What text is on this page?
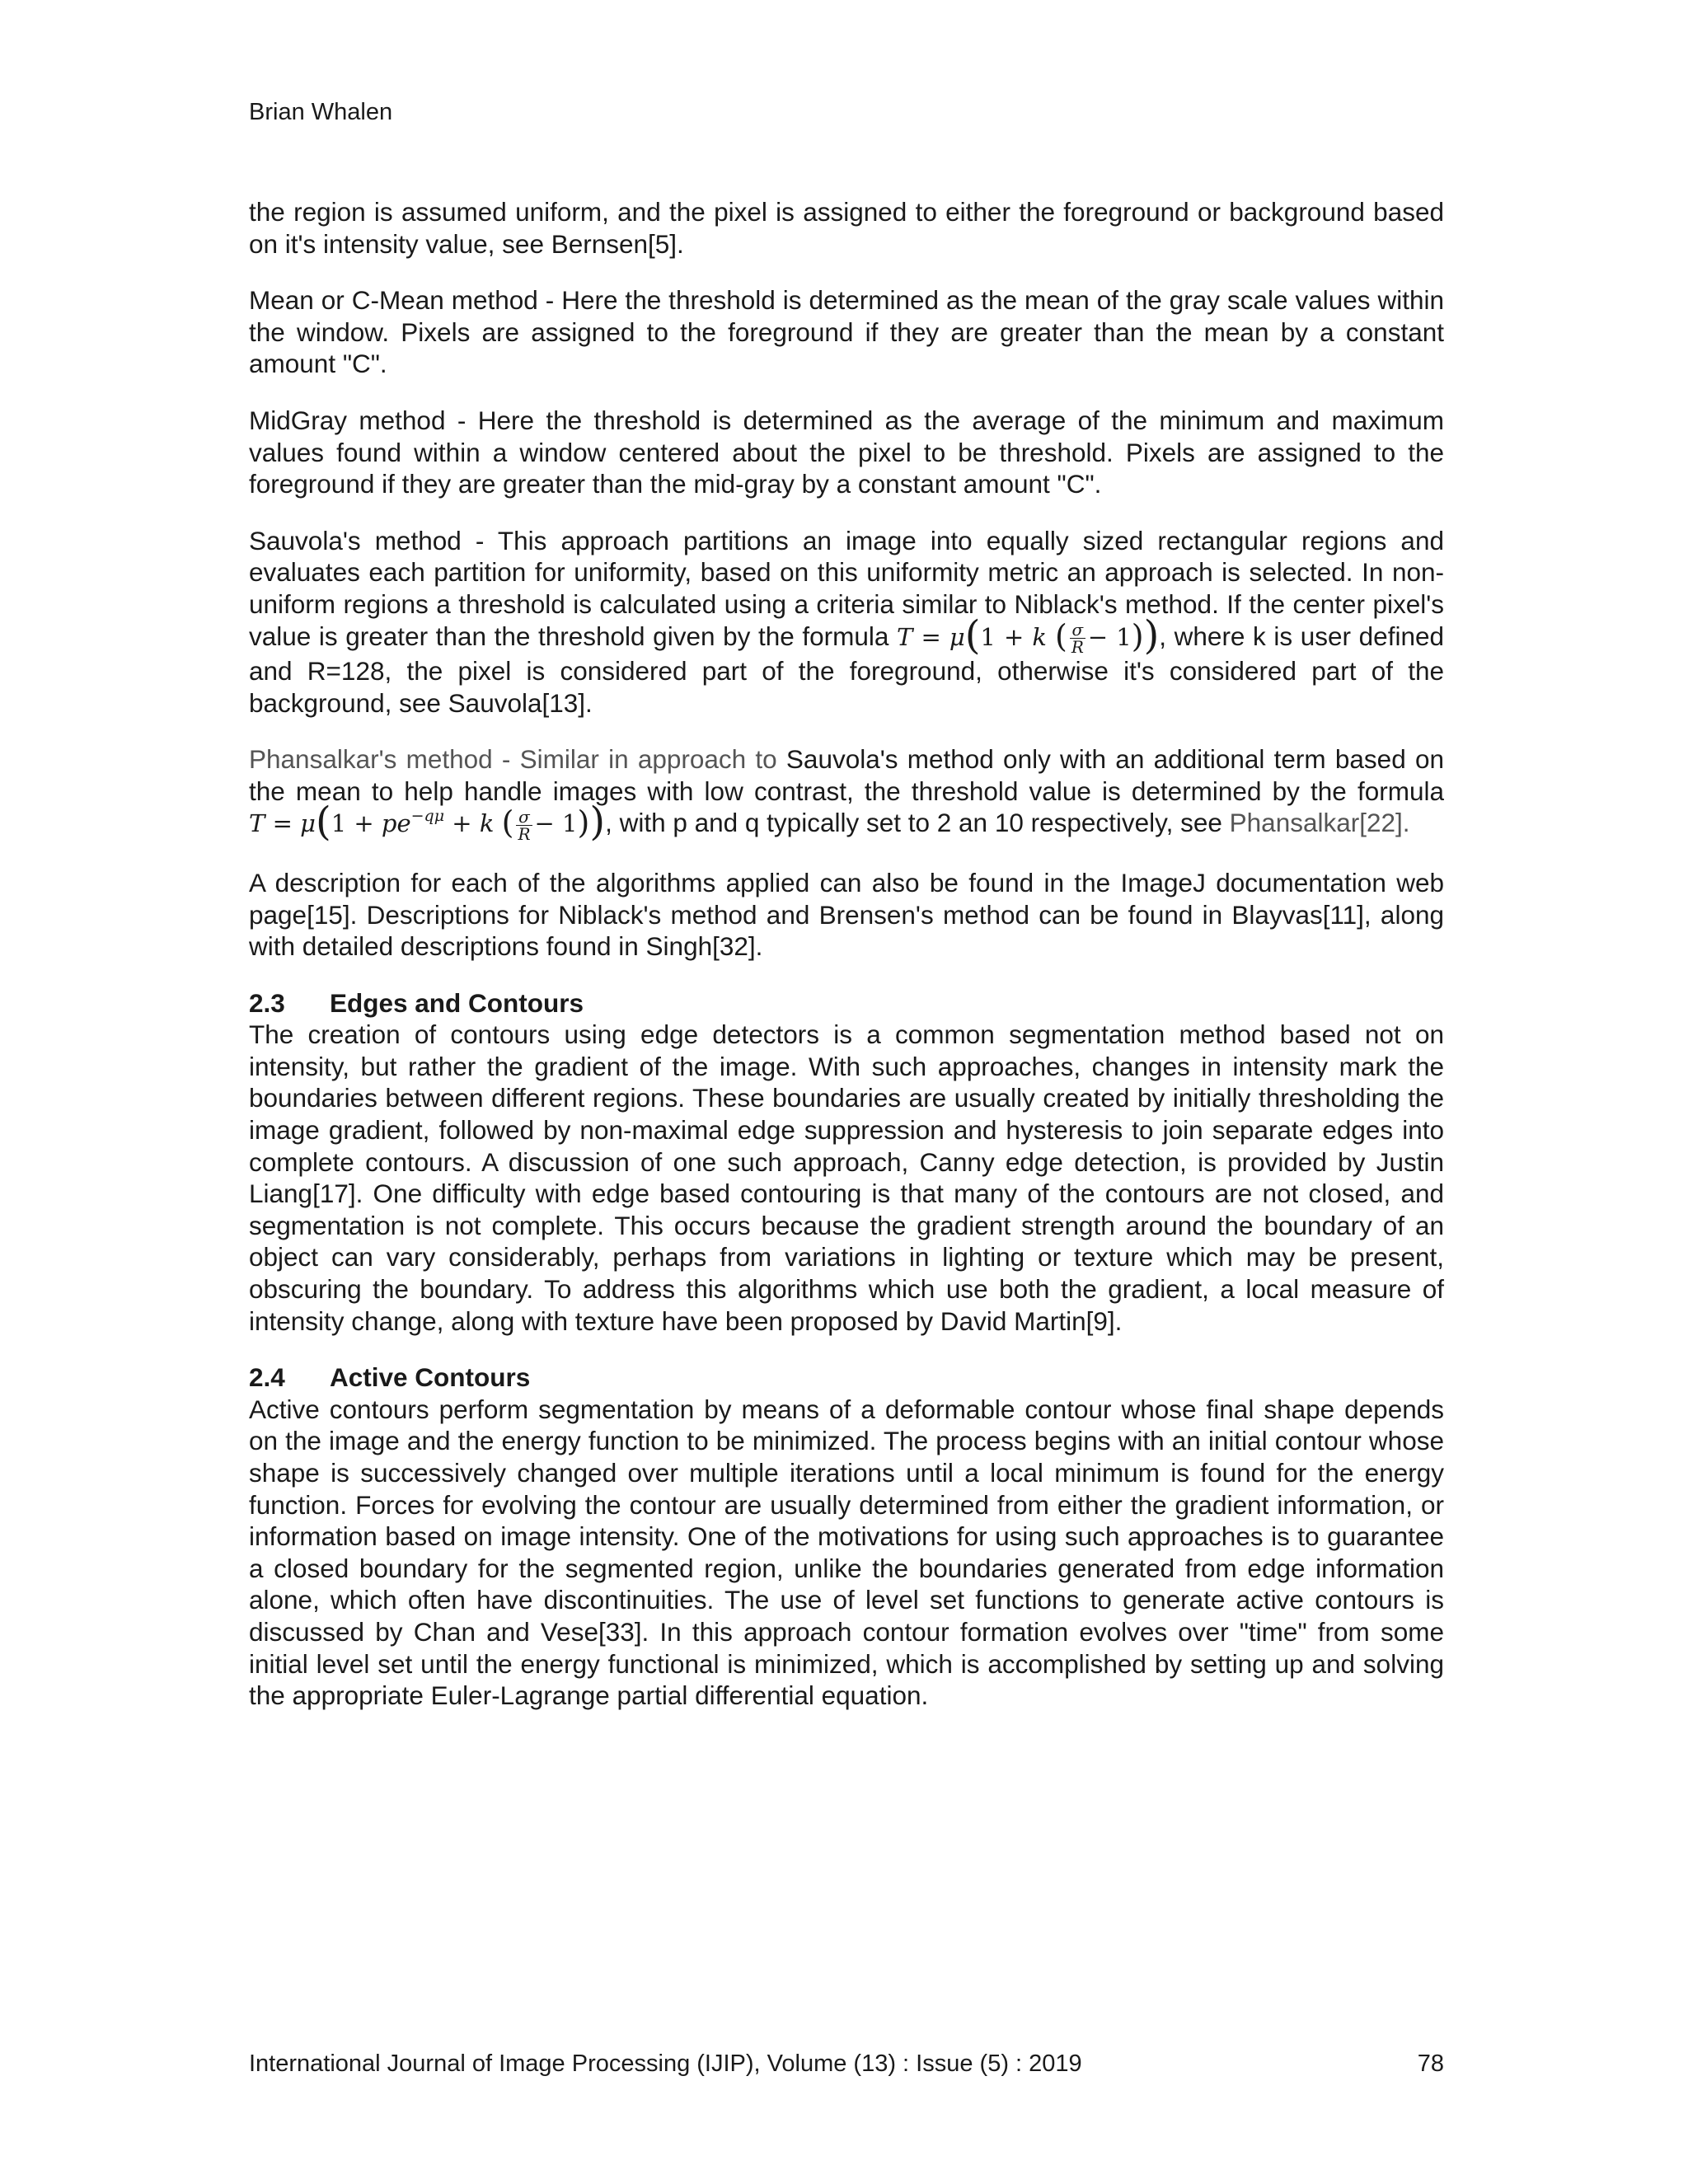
Brian Whalen

the region is assumed uniform, and the pixel is assigned to either the foreground or background based on it's intensity value, see Bernsen[5].

Mean or C-Mean method - Here the threshold is determined as the mean of the gray scale values within the window. Pixels are assigned to the foreground if they are greater than the mean by a constant amount "C".

MidGray method - Here the threshold is determined as the average of the minimum and maximum values found within a window centered about the pixel to be threshold. Pixels are assigned to the foreground if they are greater than the mid-gray by a constant amount "C".

Sauvola's method - This approach partitions an image into equally sized rectangular regions and evaluates each partition for uniformity, based on this uniformity metric an approach is selected. In non-uniform regions a threshold is calculated using a criteria similar to Niblack's method. If the center pixel's value is greater than the threshold given by the formula T = μ(1 + k ( $\frac{\sigma}{R} - 1$)), where k is user defined and R=128, the pixel is considered part of the foreground, otherwise it's considered part of the background, see Sauvola[13].

Phansalkar's method - Similar in approach to Sauvola's method only with an additional term based on the mean to help handle images with low contrast, the threshold value is determined by the formula $T = \mu(1 + pe^{-q\mu} + k$ ( $\frac{\sigma}{R} - 1$)), with p and q typically set to 2 an 10 respectively, see Phansalkar[22].

A description for each of the algorithms applied can also be found in the ImageJ documentation web page[15]. Descriptions for Niblack's method and Brensen's method can be found in Blayvas[11], along with detailed descriptions found in Singh[32].

2.3 Edges and Contours

The creation of contours using edge detectors is a common segmentation method based not on intensity, but rather the gradient of the image. With such approaches, changes in intensity mark the boundaries between different regions. These boundaries are usually created by initially thresholding the image gradient, followed by non-maximal edge suppression and hysteresis to join separate edges into complete contours. A discussion of one such approach, Canny edge detection, is provided by Justin Liang[17]. One difficulty with edge based contouring is that many of the contours are not closed, and segmentation is not complete. This occurs because the gradient strength around the boundary of an object can vary considerably, perhaps from variations in lighting or texture which may be present, obscuring the boundary. To address this algorithms which use both the gradient, a local measure of intensity change, along with texture have been proposed by David Martin[9].

2.4 Active Contours

Active contours perform segmentation by means of a deformable contour whose final shape depends on the image and the energy function to be minimized. The process begins with an initial contour whose shape is successively changed over multiple iterations until a local minimum is found for the energy function. Forces for evolving the contour are usually determined from either the gradient information, or information based on image intensity. One of the motivations for using such approaches is to guarantee a closed boundary for the segmented region, unlike the boundaries generated from edge information alone, which often have discontinuities. The use of level set functions to generate active contours is discussed by Chan and Vese[33]. In this approach contour formation evolves over "time" from some initial level set until the energy functional is minimized, which is accomplished by setting up and solving the appropriate Euler-Lagrange partial differential equation.

International Journal of Image Processing (IJIP), Volume (13) : Issue (5) : 2019	78
